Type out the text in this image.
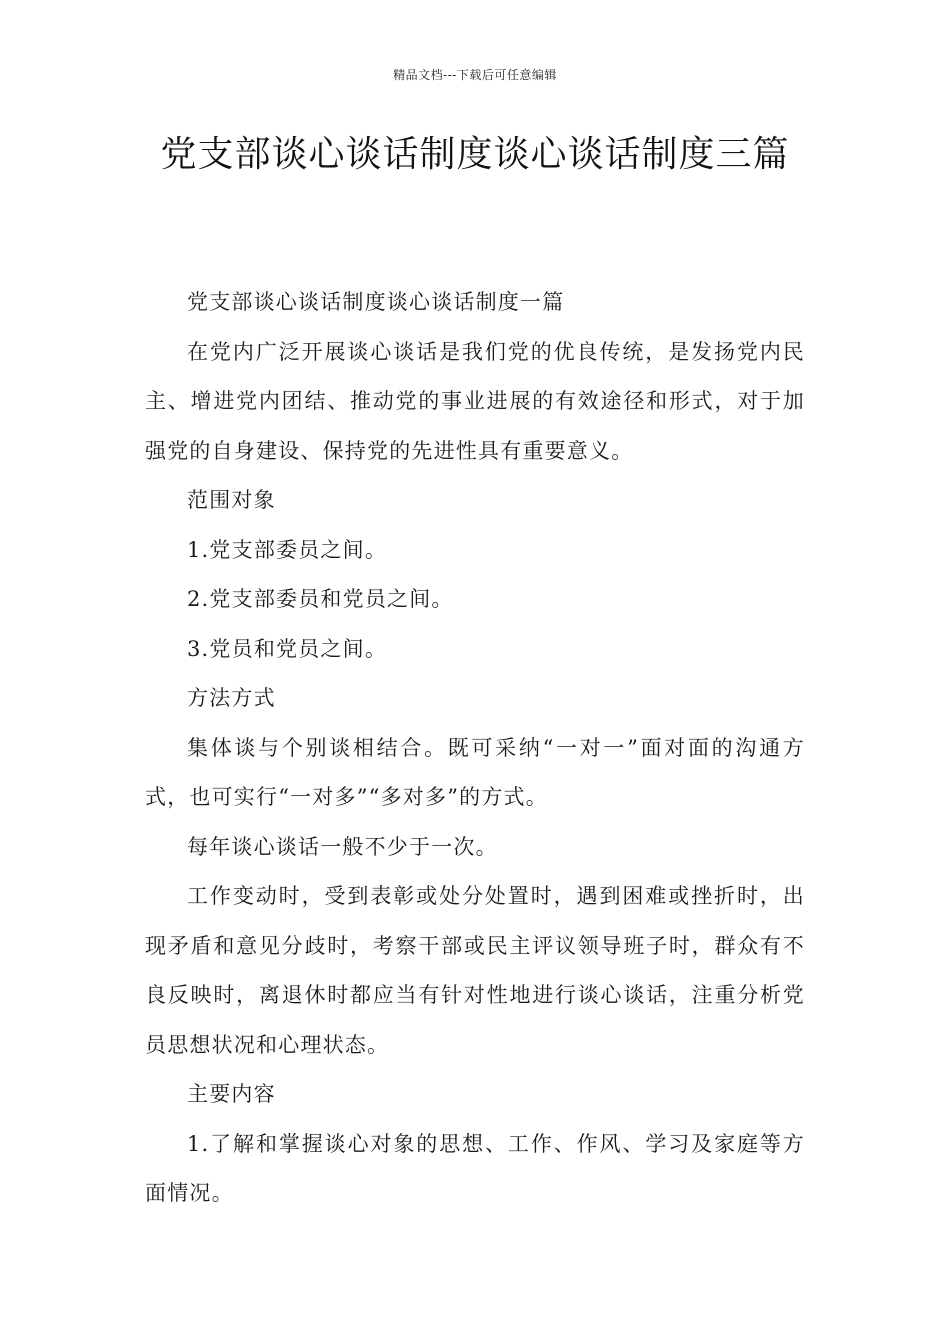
精品文档---下载后可任意编辑
党支部谈心谈话制度谈心谈话制度三篇

党支部谈心谈话制度谈心谈话制度一篇

在党内广泛开展谈心谈话是我们党的优良传统，是发扬党内民主、增进党内团结、推动党的事业进展的有效途径和形式，对于加强党的自身建设、保持党的先进性具有重要意义。

范围对象

1.党支部委员之间。

2.党支部委员和党员之间。

3.党员和党员之间。

方法方式

集体谈与个别谈相结合。既可采纳“一对一”面对面的沟通方式，也可实行“一对多”“多对多”的方式。

每年谈心谈话一般不少于一次。

工作变动时，受到表彰或处分处置时，遇到困难或挫折时，出现矛盾和意见分歧时，考察干部或民主评议领导班子时，群众有不良反映时，离退休时都应当有针对性地进行谈心谈话，注重分析党员思想状况和心理状态。

主要内容

1.了解和掌握谈心对象的思想、工作、作风、学习及家庭等方面情况。
